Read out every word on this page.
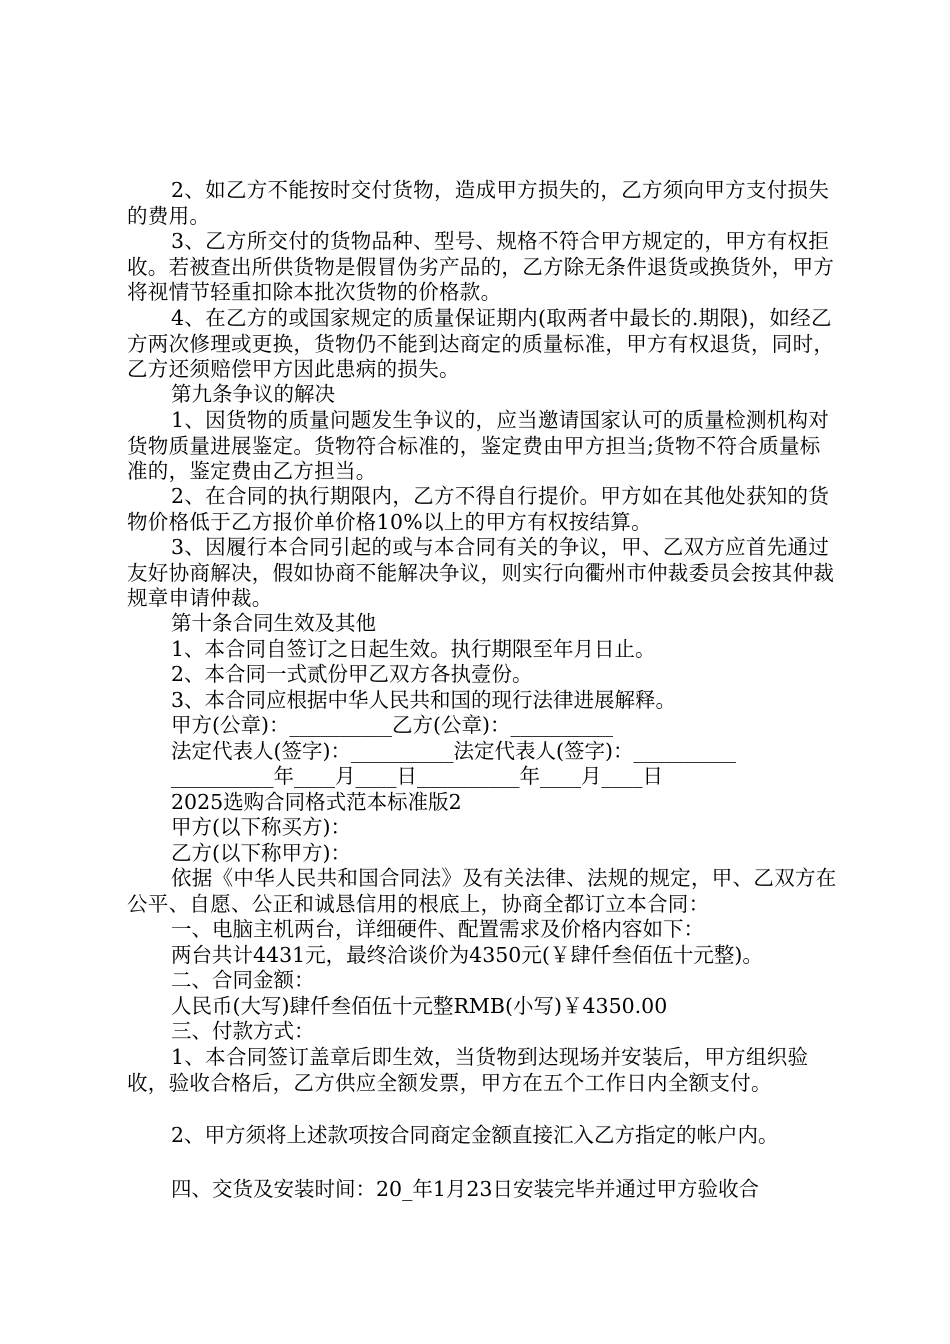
2、如乙方不能按时交付货物，造成甲方损失的，乙方须向甲方支付损失的费用。
3、乙方所交付的货物品种、型号、规格不符合甲方规定的，甲方有权拒收。若被查出所供货物是假冒伪劣产品的，乙方除无条件退货或换货外，甲方将视情节轻重扣除本批次货物的价格款。
4、在乙方的或国家规定的质量保证期内(取两者中最长的.期限)，如经乙方两次修理或更换，货物仍不能到达商定的质量标准，甲方有权退货，同时，乙方还须赔偿甲方因此患病的损失。
第九条争议的解决
1、因货物的质量问题发生争议的，应当邀请国家认可的质量检测机构对货物质量进展鉴定。货物符合标准的，鉴定费由甲方担当;货物不符合质量标准的，鉴定费由乙方担当。
2、在合同的执行期限内，乙方不得自行提价。甲方如在其他处获知的货物价格低于乙方报价单价格10%以上的甲方有权按结算。
3、因履行本合同引起的或与本合同有关的争议，甲、乙双方应首先通过友好协商解决，假如协商不能解决争议，则实行向衢州市仲裁委员会按其仲裁规章申请仲裁。
第十条合同生效及其他
1、本合同自签订之日起生效。执行期限至年月日止。
2、本合同一式贰份甲乙双方各执壹份。
3、本合同应根据中华人民共和国的现行法律进展解释。
甲方(公章)：__________乙方(公章)：__________
法定代表人(签字)：__________法定代表人(签字)：__________
__________年____月____日__________年____月____日
2025选购合同格式范本标准版2
甲方(以下称买方)：
乙方(以下称甲方)：
依据《中华人民共和国合同法》及有关法律、法规的规定，甲、乙双方在公平、自愿、公正和诚恳信用的根底上，协商全都订立本合同：
一、电脑主机两台，详细硬件、配置需求及价格内容如下：
两台共计4431元，最终洽谈价为4350元(￥肆仟叁佰伍十元整)。
二、合同金额：
人民币(大写)肆仟叁佰伍十元整RMB(小写)￥4350.00
三、付款方式：
1、本合同签订盖章后即生效，当货物到达现场并安装后，甲方组织验收，验收合格后，乙方供应全额发票，甲方在五个工作日内全额支付。
2、甲方须将上述款项按合同商定金额直接汇入乙方指定的帐户内。
四、交货及安装时间：20_年1月23日安装完毕并通过甲方验收合
